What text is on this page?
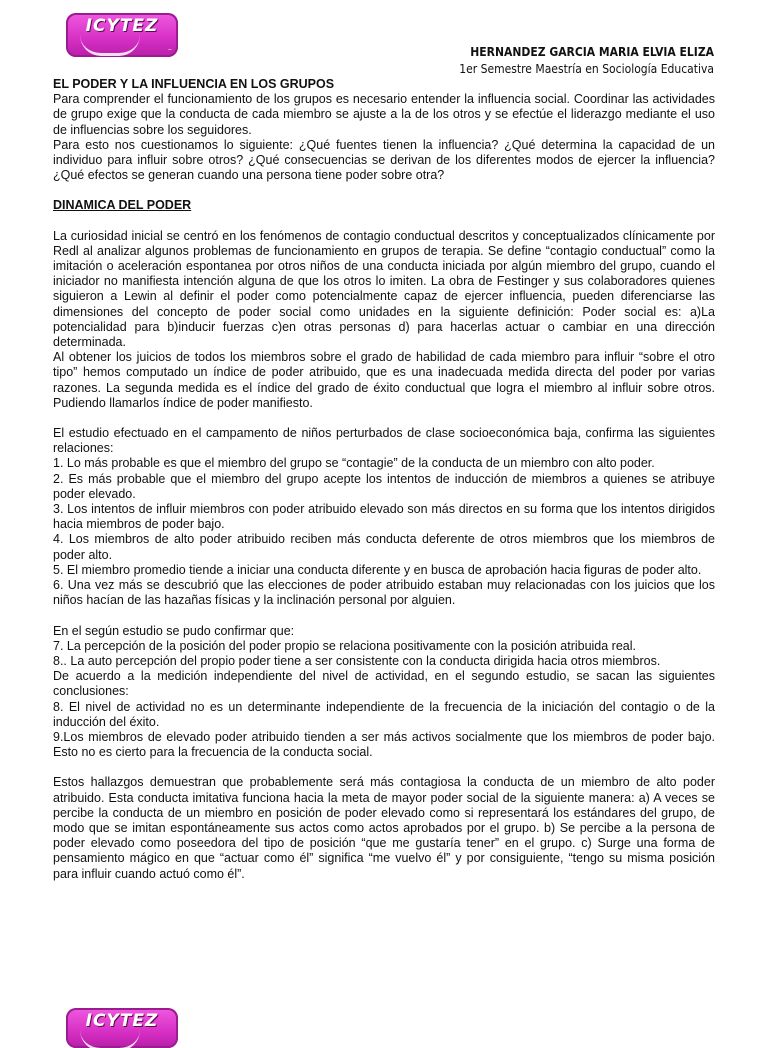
ICYTEZ
~	HERNANDEZ GARCIA MARIA ELVIA ELIZA
1er Semestre Maestría en Sociología Educativa
EL PODER Y LA INFLUENCIA EN LOS GRUPOS

Para comprender el funcionamiento de los grupos es necesario entender la influencia social. Coordinar las actividades de grupo exige que la conducta de cada miembro se ajuste a la de los otros y se efectúe el liderazgo mediante el uso de influencias sobre los seguidores.

Para esto nos cuestionamos lo siguiente: ¿Qué fuentes tienen la influencia? ¿Qué determina la capacidad de un individuo para influir sobre otros? ¿Qué consecuencias se derivan de los diferentes modos de ejercer la influencia? ¿Qué efectos se generan cuando una persona tiene poder sobre otra?

DINAMICA DEL PODER

La curiosidad inicial se centró en los fenómenos de contagio conductual descritos y conceptualizados clínicamente por Redl al analizar algunos problemas de funcionamiento en grupos de terapia. Se define “contagio conductual” como la imitación o aceleración espontanea por otros niños de una conducta iniciada por algún miembro del grupo, cuando el iniciador no manifiesta intención alguna de que los otros lo imiten. La obra de Festinger y sus colaboradores quienes siguieron a Lewin al definir el poder como potencialmente capaz de ejercer influencia, pueden diferenciarse las dimensiones del concepto de poder social como unidades en la siguiente definición: Poder social es: a)La potencialidad para b)inducir fuerzas c)en otras personas d) para hacerlas actuar o cambiar en una dirección determinada.

Al obtener los juicios de todos los miembros sobre el grado de habilidad de cada miembro para influir “sobre el otro tipo” hemos computado un índice de poder atribuido, que es una inadecuada medida directa del poder por varias razones. La segunda medida es el índice del grado de éxito conductual que logra el miembro al influir sobre otros. Pudiendo llamarlos índice de poder manifiesto.

El estudio efectuado en el campamento de niños perturbados de clase socioeconómica baja, confirma las siguientes relaciones:

1. Lo más probable es que el miembro del grupo se “contagie” de la conducta de un miembro con alto poder.

2. Es más probable que el miembro del grupo acepte los intentos de inducción de miembros a quienes se atribuye poder elevado.

3. Los intentos de influir miembros con poder atribuido elevado son más directos en su forma que los intentos dirigidos hacia miembros de poder bajo.

4. Los miembros de alto poder atribuido reciben más conducta deferente de otros miembros que los miembros de poder alto.

5. El miembro promedio tiende a iniciar una conducta diferente y en busca de aprobación hacia figuras de poder alto.

6. Una vez más se descubrió que las elecciones de poder atribuido estaban muy relacionadas con los juicios que los niños hacían de las hazañas físicas y la inclinación personal por alguien.

En el según estudio se pudo confirmar que:

7. La percepción de la posición del poder propio se relaciona positivamente con la posición atribuida real.

8.. La auto percepción del propio poder tiene a ser consistente con la conducta dirigida hacia otros miembros.

De acuerdo a la medición independiente del nivel de actividad, en el segundo estudio, se sacan las siguientes conclusiones:

8. El nivel de actividad no es un determinante independiente de la frecuencia de la iniciación del contagio o de la inducción del éxito.

9.Los miembros de elevado poder atribuido tienden a ser más activos socialmente que los miembros de poder bajo. Esto no es cierto para la frecuencia de la conducta social.

Estos hallazgos demuestran que probablemente será más contagiosa la conducta de un miembro de alto poder atribuido. Esta conducta imitativa funciona hacia la meta de mayor poder social de la siguiente manera: a) A veces se percibe la conducta de un miembro en posición de poder elevado como si representará los estándares del grupo, de modo que se imitan espontáneamente sus actos como actos aprobados por el grupo. b) Se percibe a la persona de poder elevado como poseedora del tipo de posición “que me gustaría tener” en el grupo. c) Surge una forma de pensamiento mágico en que “actuar como él” significa “me vuelvo él” y por consiguiente, “tengo su misma posición para influir cuando actuó como él”.

ICYTEZ
